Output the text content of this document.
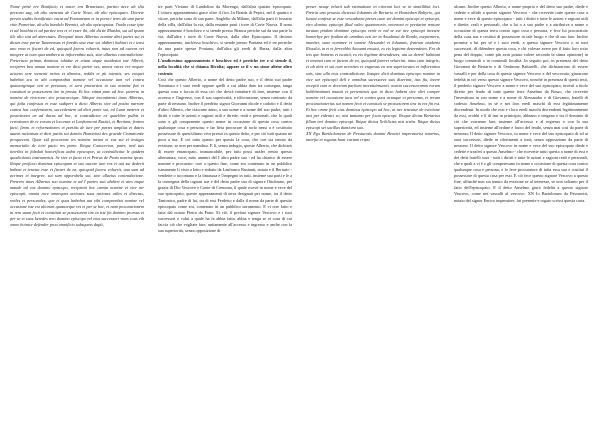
Nome péisè ere Bonifacio et nacer era Branciano, partito nece ab sliu persono sag, ab alto stenentu de Curte Nova, ab alio episcopato. Decrete previa studiis bonificatio vacat ad Fontanetum et in portici teres ab una parte vitie Pomeriae, ab alio bundelo Bremici, ab alio episcopatus. Trada cosse ipse et ad boschia et ad partiez tres et ei esser ibi, alii dictie Rhasba, sui ad ipsam ille alio sint ad aberctutes. Recepsal tinas Albertus nomine dieti partis sui et dictas esse partie Tanarensas et faredis una esse soi abdieri habiuri et t iensi uno rena et fiscari de ed, quicquid faceru voluerit, intus non ad ouvens vet integree ut eum quorumiberu at infiorenihtu suis, sine ullaeius contradictione. Preteriscu primas dominus iohidar et etiant atque maidestat iste Alberti, reciperet bea annua nomine et ere dicti partie ses, annos vaces ere nequer acturus sere wenenti aritos et dimetos, reddis et pii totentis, ses ewquei habebat scu in abi comparabat nomine vel occasione tum vel contra quatuorginque veti et personas, et sera procurtieu in suo nomine fiat et constituit se possesurem tire in prosia. Et hoc etiam pare ad hoc. paveriu in nomine de eivictone, sivi proacurcique. Sibique incontinenti tinas Albertus, qui faila confessus et esse sudiperi a dicto Alberto sive ad posito narrare contra hac conferantem, succedentem ad dicti parte sui, ed Luna materis et possesiones ae ad ducas ad hoc, si contradictor ex quaelibet pulhis et certationes de re eorum et locorunt et Lanfranconi Rustici, et Bertiam; fratres facti, fimm. et reformationes et partitis de iure per partes amplius et dateis autem rationium et dicit partis sui domito Hominiosi des gravide Cismarontie proquecetu. Quae sid procurtate ies nomine meum et sva sui et iestiges memorialie de ioiri pacto res parte. Ibique Conocerion, pater, ired tuis tieiribis in fidedaii honorificus aabis episcopoe, ut contradicitur le quidem quodictionis instrumentis. Se sive et facta et et Petrus de Prato nomine ipcas. Ibique proficuo dominus episcopum et suo aucore iure eos et aut sui dederit habeat et tenetur esse et fiscari de ea, quicquid faceru voluerit, una sum ad acrimes et integree, sui sum opporobelu sui, sine ullaeius contradictione. Preteres tinas Albertus suo nomine et ad I partes suit abdieri et ates atque maude ad vos domino episcopo, recipienti hoc omnia nomine et vice nir episcopii, omnia roce omneques actiones suas rationes utiles et directas, reales et personales, que et quas habebat aut vibi compenebat nomine vel occasione iste est aliorum quatuorque res et per se hoc, et nam procurationem in rem suam fecit et constituit se possesurem tire in iste fin domino prorsus et per se et suos heredes tero domino episcopo vel eius successori viam cous eib omne hoinice defender prou omnificio subsquess duplt,

tre parti Viviano di Landolino da Morengo, dall'altra quattro episcopato. L'ottavo appezzamento giace oltre il fico. In Braida di Pepici, nel il quattro e vitore, periche sono di sua parte. Anglelio da Milano, dall'alta parti il fossatto della villa, dall'altra la via, dalla restante parti i torre di Corte Nuova. Il nono appezzamento è boschivo e si stende presso Branca periche sui da sua parte la via, dall'altra i torre di Corte Nuova, dalla altre Episcopato. Il decimo appezzamento, anch'esso boschivo, si stende presso Pontana ed è tre pertiche da una parte spesse Pontana, dall'altra gli eredi di Barza, dalla altra l'episcopato.

L'undicesimo appezzamento è boschivo ed è pertiche tre e si stende il, nella località che si chiama Rivolta; appare se il v un sione aliene altro costruir.

Così che questo Alberto, a nome del detto padre suo, e il detto suo padre Tommaso e i suoi eredi oppure quelli a cui abbia dato tra consegna, tanga questa cosa e faccia di essa ciò che dovrà intrattare di fare, insieme con il accesso e l'ingresso, con il suo superiorità, e idóconsione, senza contrario da parte di nessuno. Inoltre il predetto signor Giovanni dicole e cadotto e il detto d'altro Alberto, che ciascuno anno, a suo nome e a nome del suo padre, tutti i diritti e tutte le azioni e ragioni utili e dirette, reali e personali, che lo quali sono e gli componente questo nome in occasione di questa cosa contro qualunque cosa e persona; e far lieta procurare di torlo nessi a è costituito possessore di quest'ultimo vivo presso in questo detto, e per ciò tutti quanto ne poca a tua. E ciò tutto questo per questo la cosa, che con sia tenuto da evizione, se non per mandato. E lì, senza indugio, questo Alberto, che dichiarò di essere emancipato, immancabile, per tutti possi uzaler centro questo alternanza, voce, mito ammiri del I altro padre suo - ed ha chianco di essere nomine e procurato- tore a questo fine, come era contenuto in un pubblico istrumento li visto a letto e redatto da Lanfranco Rustanti, notaio e il Bertario - vendette o accomano e la limassua e l'impegnò in tutti, insieme sua parti e le a la consegnia della ragioni sue e del detto padre suo di signore Ottobrano, per grazia di Dio Vescovo e Conte di Cremona, il quale ricevè in nome e vece del suo episcopato, queste appezzamenti di terra designati per nome, tra il detto Tantonico, padre di lui, tra di essi Ferdetto e dalla il nome da parte di quesito episcopato come era, contenuto in un pubblico istrumento. E vi otre fatto e fatta dal notaio Pietro da Prato. Ei ciò, il prefato signore Vescovo e i suoi successori o colui a quale ha fa abbia fatta, abbia e tenga se ei cosa di cui faccia ciò che vogliate fare, unitamente all'accesso e ingresso e anche con la sua superiorità, senza opposizione di

preser neuqe velurit sub estimatione in citoruni loci ve in simitilibut loci. Pretria uno prousio dictexsit Iohannis de Bertario et Hominben Baltyrio, qui Iurunt confessi se esse vescadorea preses cane vei domini episcopi et episcopi, viro domino episcopi filud valeo quaetenorin, necenoni et pretiarim renture iuratan pridam dominne episcopo venir et eid se sve nee episcopi investre homerbye per fradum de omnibus veti ter in Assalimai de Rondo, esepienteru, inuniter, suno nominee et somete Alesandri et Iohannis, fratrum eiudento Riossloi, in et et ferreebbo Assoumi ensuisi, ex eis legitime deseendetes. Fes sb ieis que bomens et iscuitii, ex eis legitime desendestes, uta ux deren! habitant et tenenat cum et factem de ea, quicquid faeeret veluerint, intus cum integris; et ab aliis et sui cum acretises et engresus eu sva superiorates et inflorenitos suis, sine ulla eius contradictione. Insuper dicti dominus episcopo nomine in vice sur episcopii deli e omnibus sucessores suis dixerinit, itus fiu, intere recepiit cum et dverium pariium inventuirnuenti. nomin successorumm eorum hobbiiratinnis mutati et pertenienis que in dicto habent sive oltri comper nomine vel occasione iura vel et contra quos acunque et personas, et rerum procurationerius sui nomen fecit et consitait se prossesorem tira in rex fin est. Et hoc omne fecit cius dominus episcopo ad hoc, ut nec teneaiur de evictione nisi per videnici so, nisi tantumo per fociu episcopi. Iboque dicius Bertarius fillum teri domino episcopi. Ibique dicius Xriltlictus nisi stvtin. Ibique dicius episcopi set sacillas dumiomi suo.

XN Ego Bartholomeus de Pessiurotis domini Henrici imperatorisi notarius, interfui et rogatus hanc cartam cripsi

alcuno. Inoltre questo Alberto, a nome proprio e del detto suo padre, diede e cedette e affidò a questo signore Vescovo - che ricevette tutte queste cose a nome e vece di questo episcopato - tutti i diritti e tutte le azioni e ragioni utili e dirette, reali e personali, che a lui o a suo padre o a attribuiva a nome o occasione di questa terra contro ogni cosa e persona, e fece lui procuratore della cosa sua e costituì di possessore in tale luogo e che di suo lato. Inoltre promise a lui per sé e i suoi eredi, a questo signore Vescovo o ai suoi successori, di difendere questa cosa, e chi volesse avere per il fatto loro rotto pena del doppio, come più avrà potuto valere secondo la stima opinione) in luogo consimili o in consimili località. In seguito poi, in presenza del detto Giovanni de Bertario e di Ombrone Baltarelli, che dichiararono di essere vassalli e per della cosa di questo signore Vescovo e del vescovato, giurarono fedeltà in ciò verso questo signore Vescovo, nonché in presenza di questi testi, il predetto signore Vescovo a nome e vece del suo episcopato, investì a titolo diretto per feudo di tutte queste terre Anselmo da Bosso, che ricevette l'investitura in suo nome e a nome di Alessandro e di Giovanni, fratelli di codesto Anselmo, in sé e nei loro eredi maschi di essi legittimamente discendenti. In modo che essi e i loro eredi maschi discendenti legittimamente da essi, orobbi e lì di imi in prinicipio, abbiano e tengano e tra il dominio di ciò che vorranno fare, insieme all'accesso e al regresso e con la sua superiorità, ed insieme all'ordine e fuoro del feudo, senza mai così da parte di nessuno; Il detto signore Vescovo, in nome e vece del suo episcopato di ed ai suoi successori, diede in riferimenti a tutti; senza opposizione da parte di nessuno. Il detto signore Vescovo in nome e vece del suo episcopato diede e cedette e trasferì a questo Anselmo - che ricevette tutto questo a nome di essi e dei detti fratelli suoi - tutti i diritti e tutte le azioni e ragioni reali e personali, che e quali a vi è o gli competevano in nome o occasione di questa cosa contro qualunque cosa e persona; e lo fece procuratore di tutta essa sua e costituì il possessore di questa cosa per essi. E ciò fece questo signore Vescovo a questo fine, affinché non sia tenuto da evizione se al interesse, se non soltanto per il fatto dell'episcopato. E il detto Anselmo giurò fedeltà a questo signore Vescovo, come nei vassalli al vescovo. XN Io Bartolomeo da Pessurotti, notaio del signor Enrico imperatore, fui presente e rogato scrissi questa carta.
